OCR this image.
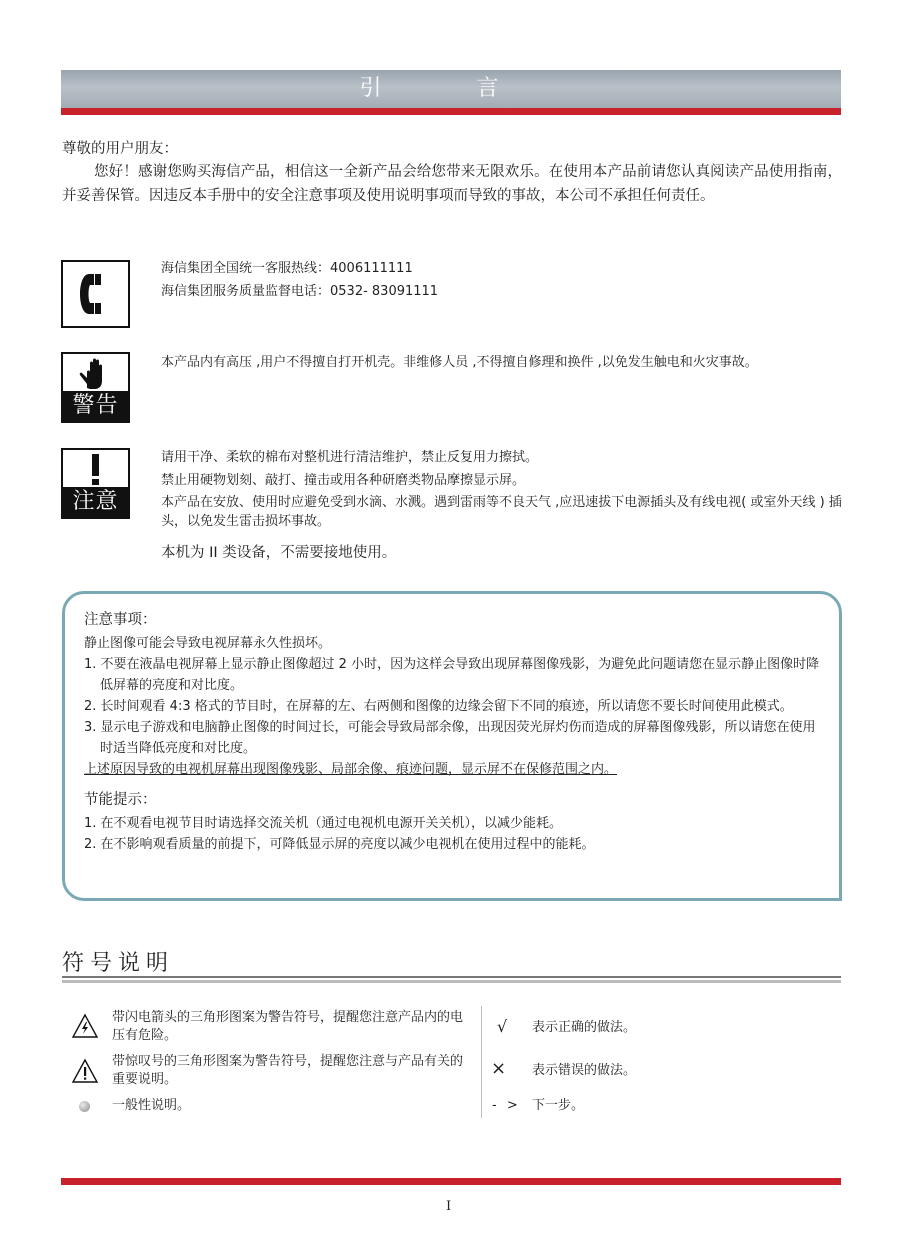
引 言
尊敬的用户朋友：
您好！感谢您购买海信产品，相信这一全新产品会给您带来无限欢乐。在使用本产品前请您认真阅读产品使用指南，并妥善保管。因违反本手册中的安全注意事项及使用说明事项而导致的事故，本公司不承担任何责任。
海信集团全国统一客服热线：4006111111
海信集团服务质量监督电话：0532- 83091111
警告
本产品内有高压 ,用户不得擅自打开机壳。非维修人员 ,不得擅自修理和换件 ,以免发生触电和火灾事故。
注意
请用干净、柔软的棉布对整机进行清洁维护，禁止反复用力擦拭。
禁止用硬物划刻、敲打、撞击或用各种研磨类物品摩擦显示屏。
本产品在安放、使用时应避免受到水滴、水溅。遇到雷雨等不良天气 ,应迅速拔下电源插头及有线电视( 或室外天线 ) 插头，以免发生雷击损坏事故。
本机为 II 类设备，不需要接地使用。
注意事项：
静止图像可能会导致电视屏幕永久性损坏。
1. 不要在液晶电视屏幕上显示静止图像超过 2 小时，因为这样会导致出现屏幕图像残影，为避免此问题请您在显示静止图像时降低屏幕的亮度和对比度。
2. 长时间观看 4:3 格式的节目时，在屏幕的左、右两侧和图像的边缘会留下不同的痕迹，所以请您不要长时间使用此模式。
3. 显示电子游戏和电脑静止图像的时间过长，可能会导致局部余像，出现因荧光屏灼伤而造成的屏幕图像残影，所以请您在使用时适当降低亮度和对比度。
上述原因导致的电视机屏幕出现图像残影、局部余像、痕迹问题，显示屏不在保修范围之内。
节能提示：
1. 在不观看电视节目时请选择交流关机（通过电视机电源开关关机），以减少能耗。
2. 在不影响观看质量的前提下，可降低显示屏的亮度以减少电视机在使用过程中的能耗。
符号说明
带闪电箭头的三角形图案为警告符号，提醒您注意产品内的电压有危险。
带惊叹号的三角形图案为警告符号，提醒您注意与产品有关的重要说明。
一般性说明。
√ 表示正确的做法。
× 表示错误的做法。
- > 下一步。
I
